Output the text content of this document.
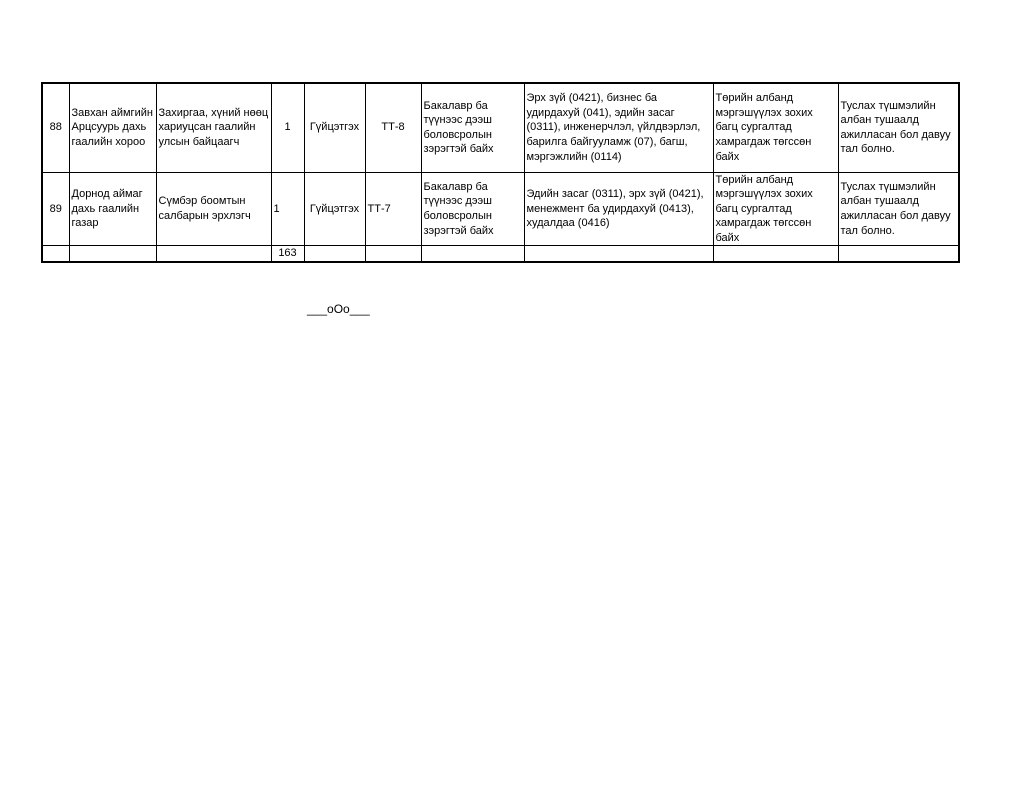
88	Завхан аймгийн Арцсуурь дахь гаалийн хороо	Захиргаа, хүний нөөц хариуцсан гаалийн улсын байцаагч	1	Гүйцэтгэх	ТТ-8	Бакалавр ба түүнээс дээш боловсролын зэрэгтэй байх	Эрх зүй (0421), бизнес ба удирдахуй (041), эдийн засаг (0311), инженерчлэл, үйлдвэрлэл, барилга байгууламж (07), багш, мэргэжлийн (0114)	Төрийн албанд мэргэшүүлэх зохих багц сургалтад хамрагдаж төгссөн байх	Туслах түшмэлийн албан тушаалд ажилласан бол давуу тал болно.
89	Дорнод аймаг дахь гаалийн газар	Сүмбэр боомтын салбарын эрхлэгч	1	Гүйцэтгэх	ТТ-7	Бакалавр ба түүнээс дээш боловсролын зэрэгтэй байх	Эдийн засаг (0311), эрх зүй (0421), менежмент ба удирдахуй (0413), худалдаа (0416)	Төрийн албанд мэргэшүүлэх зохих багц сургалтад хамрагдаж төгссөн байх	Туслах түшмэлийн албан тушаалд ажилласан бол давуу тал болно.
			163						
___oOo___
